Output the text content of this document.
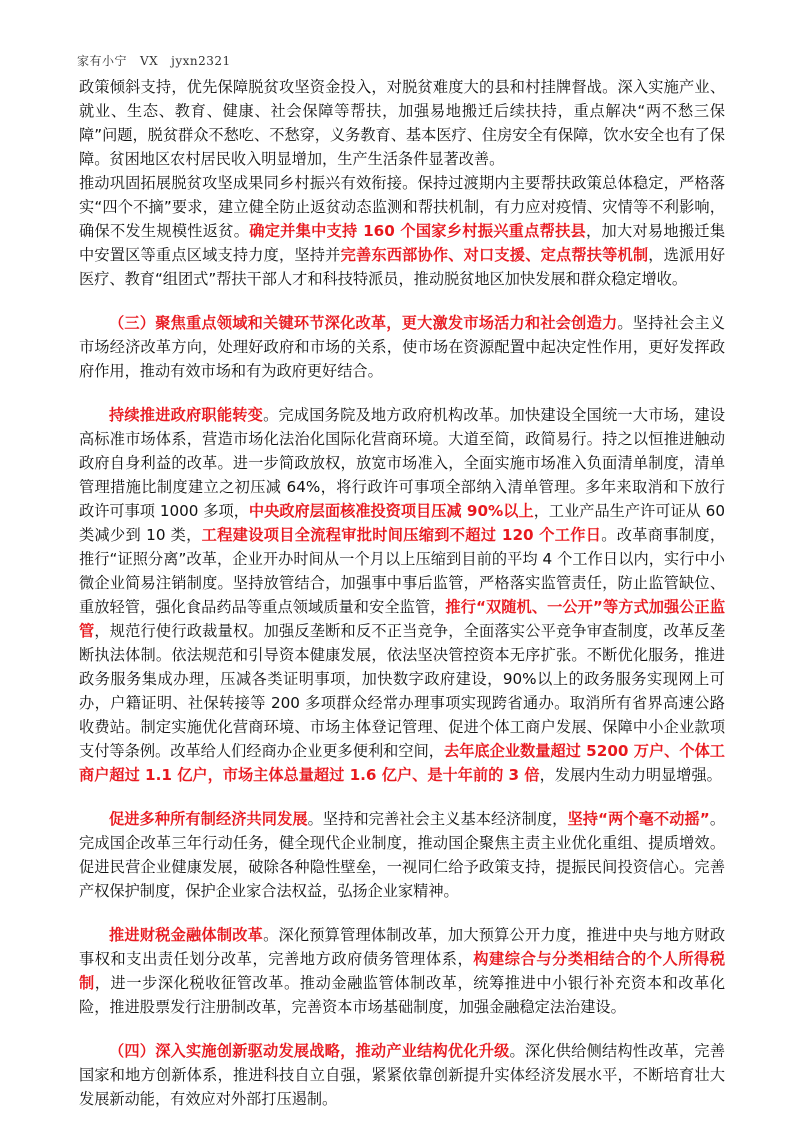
家有小宁 VX jyxn2321

政策倾斜支持，优先保障脱贫攻坚资金投入，对脱贫难度大的县和村挂牌督战。深入实施产业、就业、生态、教育、健康、社会保障等帮扶，加强易地搬迁后续扶持，重点解决“两不愁三保障”问题，脱贫群众不愁吃、不愁穿，义务教育、基本医疗、住房安全有保障，饮水安全也有了保障。贫困地区农村居民收入明显增加，生产生活条件显著改善。

推动巩固拓展脱贫攻坚成果同乡村振兴有效衔接。保持过渡期内主要帮扶政策总体稳定，严格落实“四个不摘”要求，建立健全防止返贫动态监测和帮扶机制，有力应对疫情、灾情等不利影响，确保不发生规模性返贫。确定并集中支持 160 个国家乡村振兴重点帮扶县，加大对易地搬迁集中安置区等重点区域支持力度，坚持并完善东西部协作、对口支援、定点帮扶等机制，选派用好医疗、教育“组团式”帮扶干部人才和科技特派员，推动脱贫地区加快发展和群众稳定增收。

（三）聚焦重点领域和关键环节深化改革，更大激发市场活力和社会创造力。坚持社会主义市场经济改革方向，处理好政府和市场的关系，使市场在资源配置中起决定性作用，更好发挥政府作用，推动有效市场和有为政府更好结合。

持续推进政府职能转变。完成国务院及地方政府机构改革。加快建设全国统一大市场，建设高标准市场体系，营造市场化法治化国际化营商环境。大道至简，政简易行。持之以恒推进触动政府自身利益的改革。进一步简政放权，放宽市场准入，全面实施市场准入负面清单制度，清单管理措施比制度建立之初压减 64%，将行政许可事项全部纳入清单管理。多年来取消和下放行政许可事项 1000 多项，中央政府层面核准投资项目压减 90%以上，工业产品生产许可证从 60 类减少到 10 类，工程建设项目全流程审批时间压缩到不超过 120 个工作日。改革商事制度，推行“证照分离”改革，企业开办时间从一个月以上压缩到目前的平均 4 个工作日以内，实行中小微企业简易注销制度。坚持放管结合，加强事中事后监管，严格落实监管责任，防止监管缺位、重放轻管，强化食品药品等重点领域质量和安全监管，推行“双随机、一公开”等方式加强公正监管，规范行使行政裁量权。加强反垄断和反不正当竞争，全面落实公平竞争审查制度，改革反垄断执法体制。依法规范和引导资本健康发展，依法坚决管控资本无序扩张。不断优化服务，推进政务服务集成办理，压减各类证明事项，加快数字政府建设，90%以上的政务服务实现网上可办，户籍证明、社保转接等 200 多项群众经常办理事项实现跨省通办。取消所有省界高速公路收费站。制定实施优化营商环境、市场主体登记管理、促进个体工商户发展、保障中小企业款项支付等条例。改革给人们经商办企业更多便利和空间，去年底企业数量超过 5200 万户、个体工商户超过 1.1 亿户，市场主体总量超过 1.6 亿户、是十年前的 3 倍，发展内生动力明显增强。

促进多种所有制经济共同发展。坚持和完善社会主义基本经济制度，坚持“两个毫不动摇”。完成国企改革三年行动任务，健全现代企业制度，推动国企聚焦主责主业优化重组、提质增效。促进民营企业健康发展，破除各种隐性壁垒，一视同仁给予政策支持，提振民间投资信心。完善产权保护制度，保护企业家合法权益，弘扬企业家精神。

推进财税金融体制改革。深化预算管理体制改革，加大预算公开力度，推进中央与地方财政事权和支出责任划分改革，完善地方政府债务管理体系，构建综合与分类相结合的个人所得税制，进一步深化税收征管改革。推动金融监管体制改革，统筹推进中小银行补充资本和改革化险，推进股票发行注册制改革，完善资本市场基础制度，加强金融稳定法治建设。

（四）深入实施创新驱动发展战略，推动产业结构优化升级。深化供给侧结构性改革，完善国家和地方创新体系，推进科技自立自强，紧紧依靠创新提升实体经济发展水平，不断培育壮大发展新动能，有效应对外部打压遏制。
